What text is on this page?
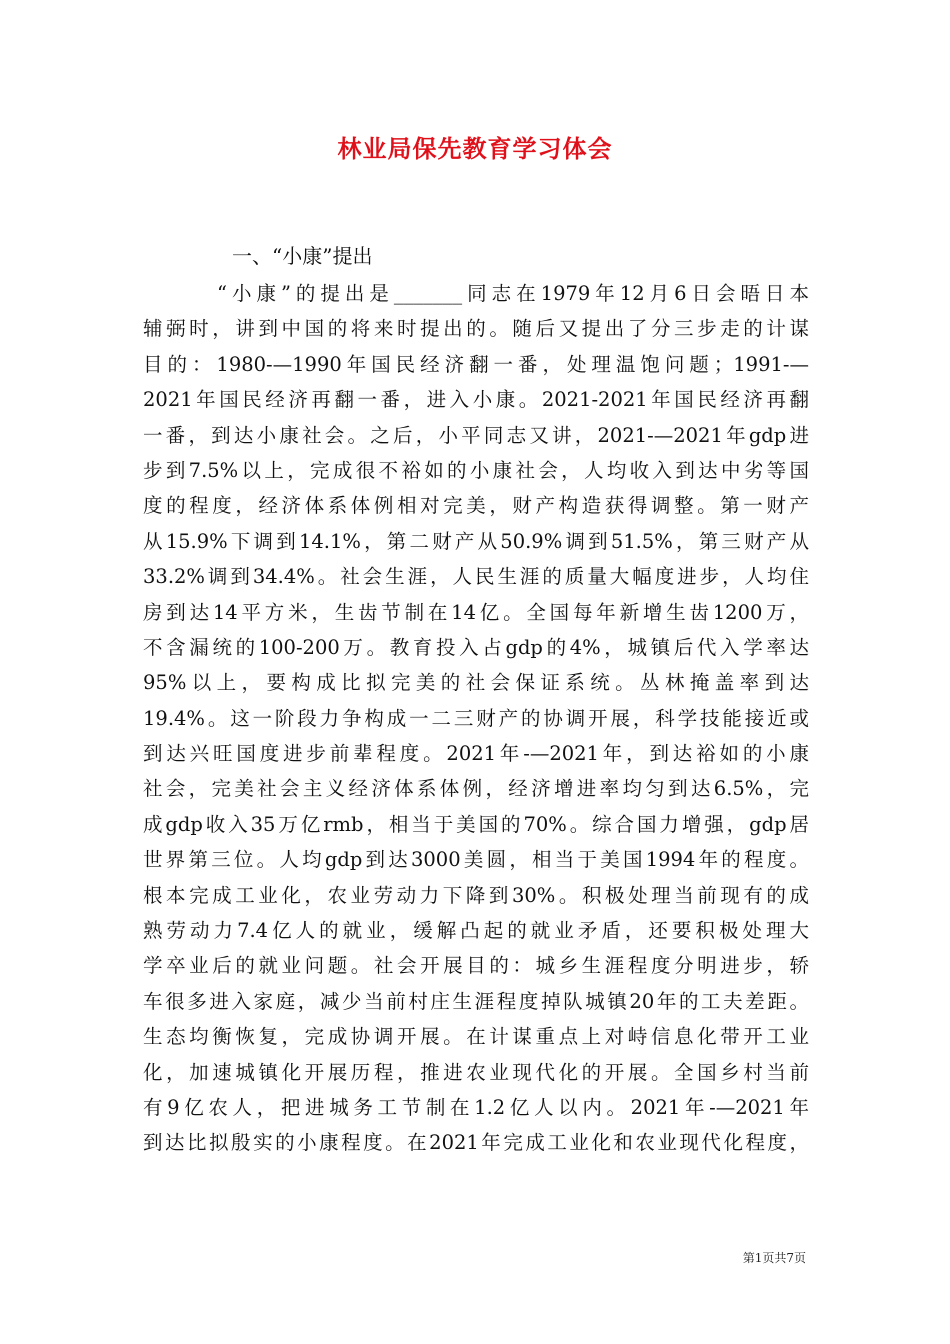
林业局保先教育学习体会

一、“小康”提出

“小康”的提出是_______同志在1979年12月6日会晤日本
辅弼时，讲到中国的将来时提出的。随后又提出了分三步走的计谋
目的：1980-—1990年国民经济翻一番，处理温饱问题；1991-—
2021年国民经济再翻一番，进入小康。2021-2021年国民经济再翻
一番，到达小康社会。之后，小平同志又讲，2021-—2021年gdp进
步到7.5%以上，完成很不裕如的小康社会，人均收入到达中劣等国
度的程度，经济体系体例相对完美，财产构造获得调整。第一财产
从15.9%下调到14.1%，第二财产从50.9%调到51.5%，第三财产从
33.2%调到34.4%。社会生涯，人民生涯的质量大幅度进步，人均住
房到达14平方米，生齿节制在14亿。全国每年新增生齿1200万，
不含漏统的100-200万。教育投入占gdp的4%，城镇后代入学率达
95%以上，要构成比拟完美的社会保证系统。丛林掩盖率到达
19.4%。这一阶段力争构成一二三财产的协调开展，科学技能接近或
到达兴旺国度进步前辈程度。2021年-—2021年，到达裕如的小康
社会，完美社会主义经济体系体例，经济增进率均匀到达6.5%，完
成gdp收入35万亿rmb，相当于美国的70%。综合国力增强，gdp居
世界第三位。人均gdp到达3000美圆，相当于美国1994年的程度。
根本完成工业化，农业劳动力下降到30%。积极处理当前现有的成
熟劳动力7.4亿人的就业，缓解凸起的就业矛盾，还要积极处理大
学卒业后的就业问题。社会开展目的：城乡生涯程度分明进步，轿
车很多进入家庭，减少当前村庄生涯程度掉队城镇20年的工夫差距。
生态均衡恢复，完成协调开展。在计谋重点上对峙信息化带开工业
化，加速城镇化开展历程，推进农业现代化的开展。全国乡村当前
有9亿农人，把进城务工节制在1.2亿人以内。2021年-—2021年
到达比拟殷实的小康程度。在2021年完成工业化和农业现代化程度，
第1页共7页
